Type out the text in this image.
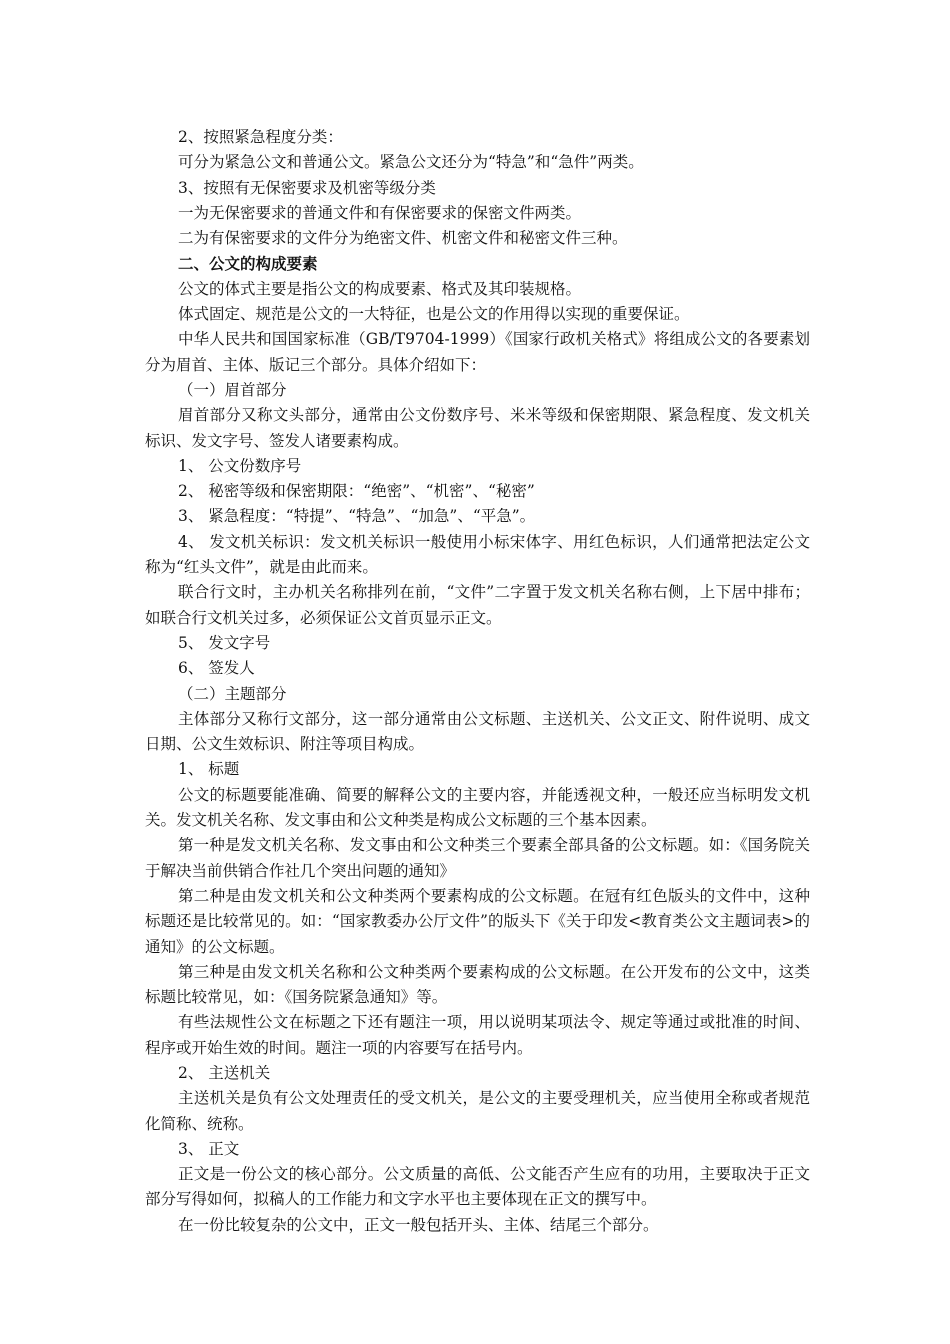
2、按照紧急程度分类：

可分为紧急公文和普通公文。紧急公文还分为“特急”和“急件”两类。

3、按照有无保密要求及机密等级分类

一为无保密要求的普通文件和有保密要求的保密文件两类。

二为有保密要求的文件分为绝密文件、机密文件和秘密文件三种。

二、公文的构成要素

公文的体式主要是指公文的构成要素、格式及其印装规格。

体式固定、规范是公文的一大特征，也是公文的作用得以实现的重要保证。

中华人民共和国国家标准（GB/T9704-1999）《国家行政机关格式》将组成公文的各要素划分为眉首、主体、版记三个部分。具体介绍如下：

（一）眉首部分

眉首部分又称文头部分，通常由公文份数序号、米米等级和保密期限、紧急程度、发文机关标识、发文字号、签发人诸要素构成。

1、 公文份数序号

2、 秘密等级和保密期限：“绝密”、“机密”、“秘密”

3、 紧急程度：“特提”、“特急”、“加急”、“平急”。

4、 发文机关标识：发文机关标识一般使用小标宋体字、用红色标识，人们通常把法定公文称为“红头文件”，就是由此而来。

联合行文时，主办机关名称排列在前，“文件”二字置于发文机关名称右侧，上下居中排布；如联合行文机关过多，必须保证公文首页显示正文。

5、 发文字号

6、 签发人

（二）主题部分

主体部分又称行文部分，这一部分通常由公文标题、主送机关、公文正文、附件说明、成文日期、公文生效标识、附注等项目构成。

1、 标题

公文的标题要能准确、简要的解释公文的主要内容，并能透视文种，一般还应当标明发文机关。发文机关名称、发文事由和公文种类是构成公文标题的三个基本因素。

第一种是发文机关名称、发文事由和公文种类三个要素全部具备的公文标题。如：《国务院关于解决当前供销合作社几个突出问题的通知》

第二种是由发文机关和公文种类两个要素构成的公文标题。在冠有红色版头的文件中，这种标题还是比较常见的。如：“国家教委办公厅文件”的版头下《关于印发<教育类公文主题词表>的通知》的公文标题。

第三种是由发文机关名称和公文种类两个要素构成的公文标题。在公开发布的公文中，这类标题比较常见，如：《国务院紧急通知》等。

有些法规性公文在标题之下还有题注一项，用以说明某项法令、规定等通过或批准的时间、程序或开始生效的时间。题注一项的内容要写在括号内。

2、 主送机关

主送机关是负有公文处理责任的受文机关，是公文的主要受理机关，应当使用全称或者规范化简称、统称。

3、 正文

正文是一份公文的核心部分。公文质量的高低、公文能否产生应有的功用，主要取决于正文部分写得如何，拟稿人的工作能力和文字水平也主要体现在正文的撰写中。

在一份比较复杂的公文中，正文一般包括开头、主体、结尾三个部分。
